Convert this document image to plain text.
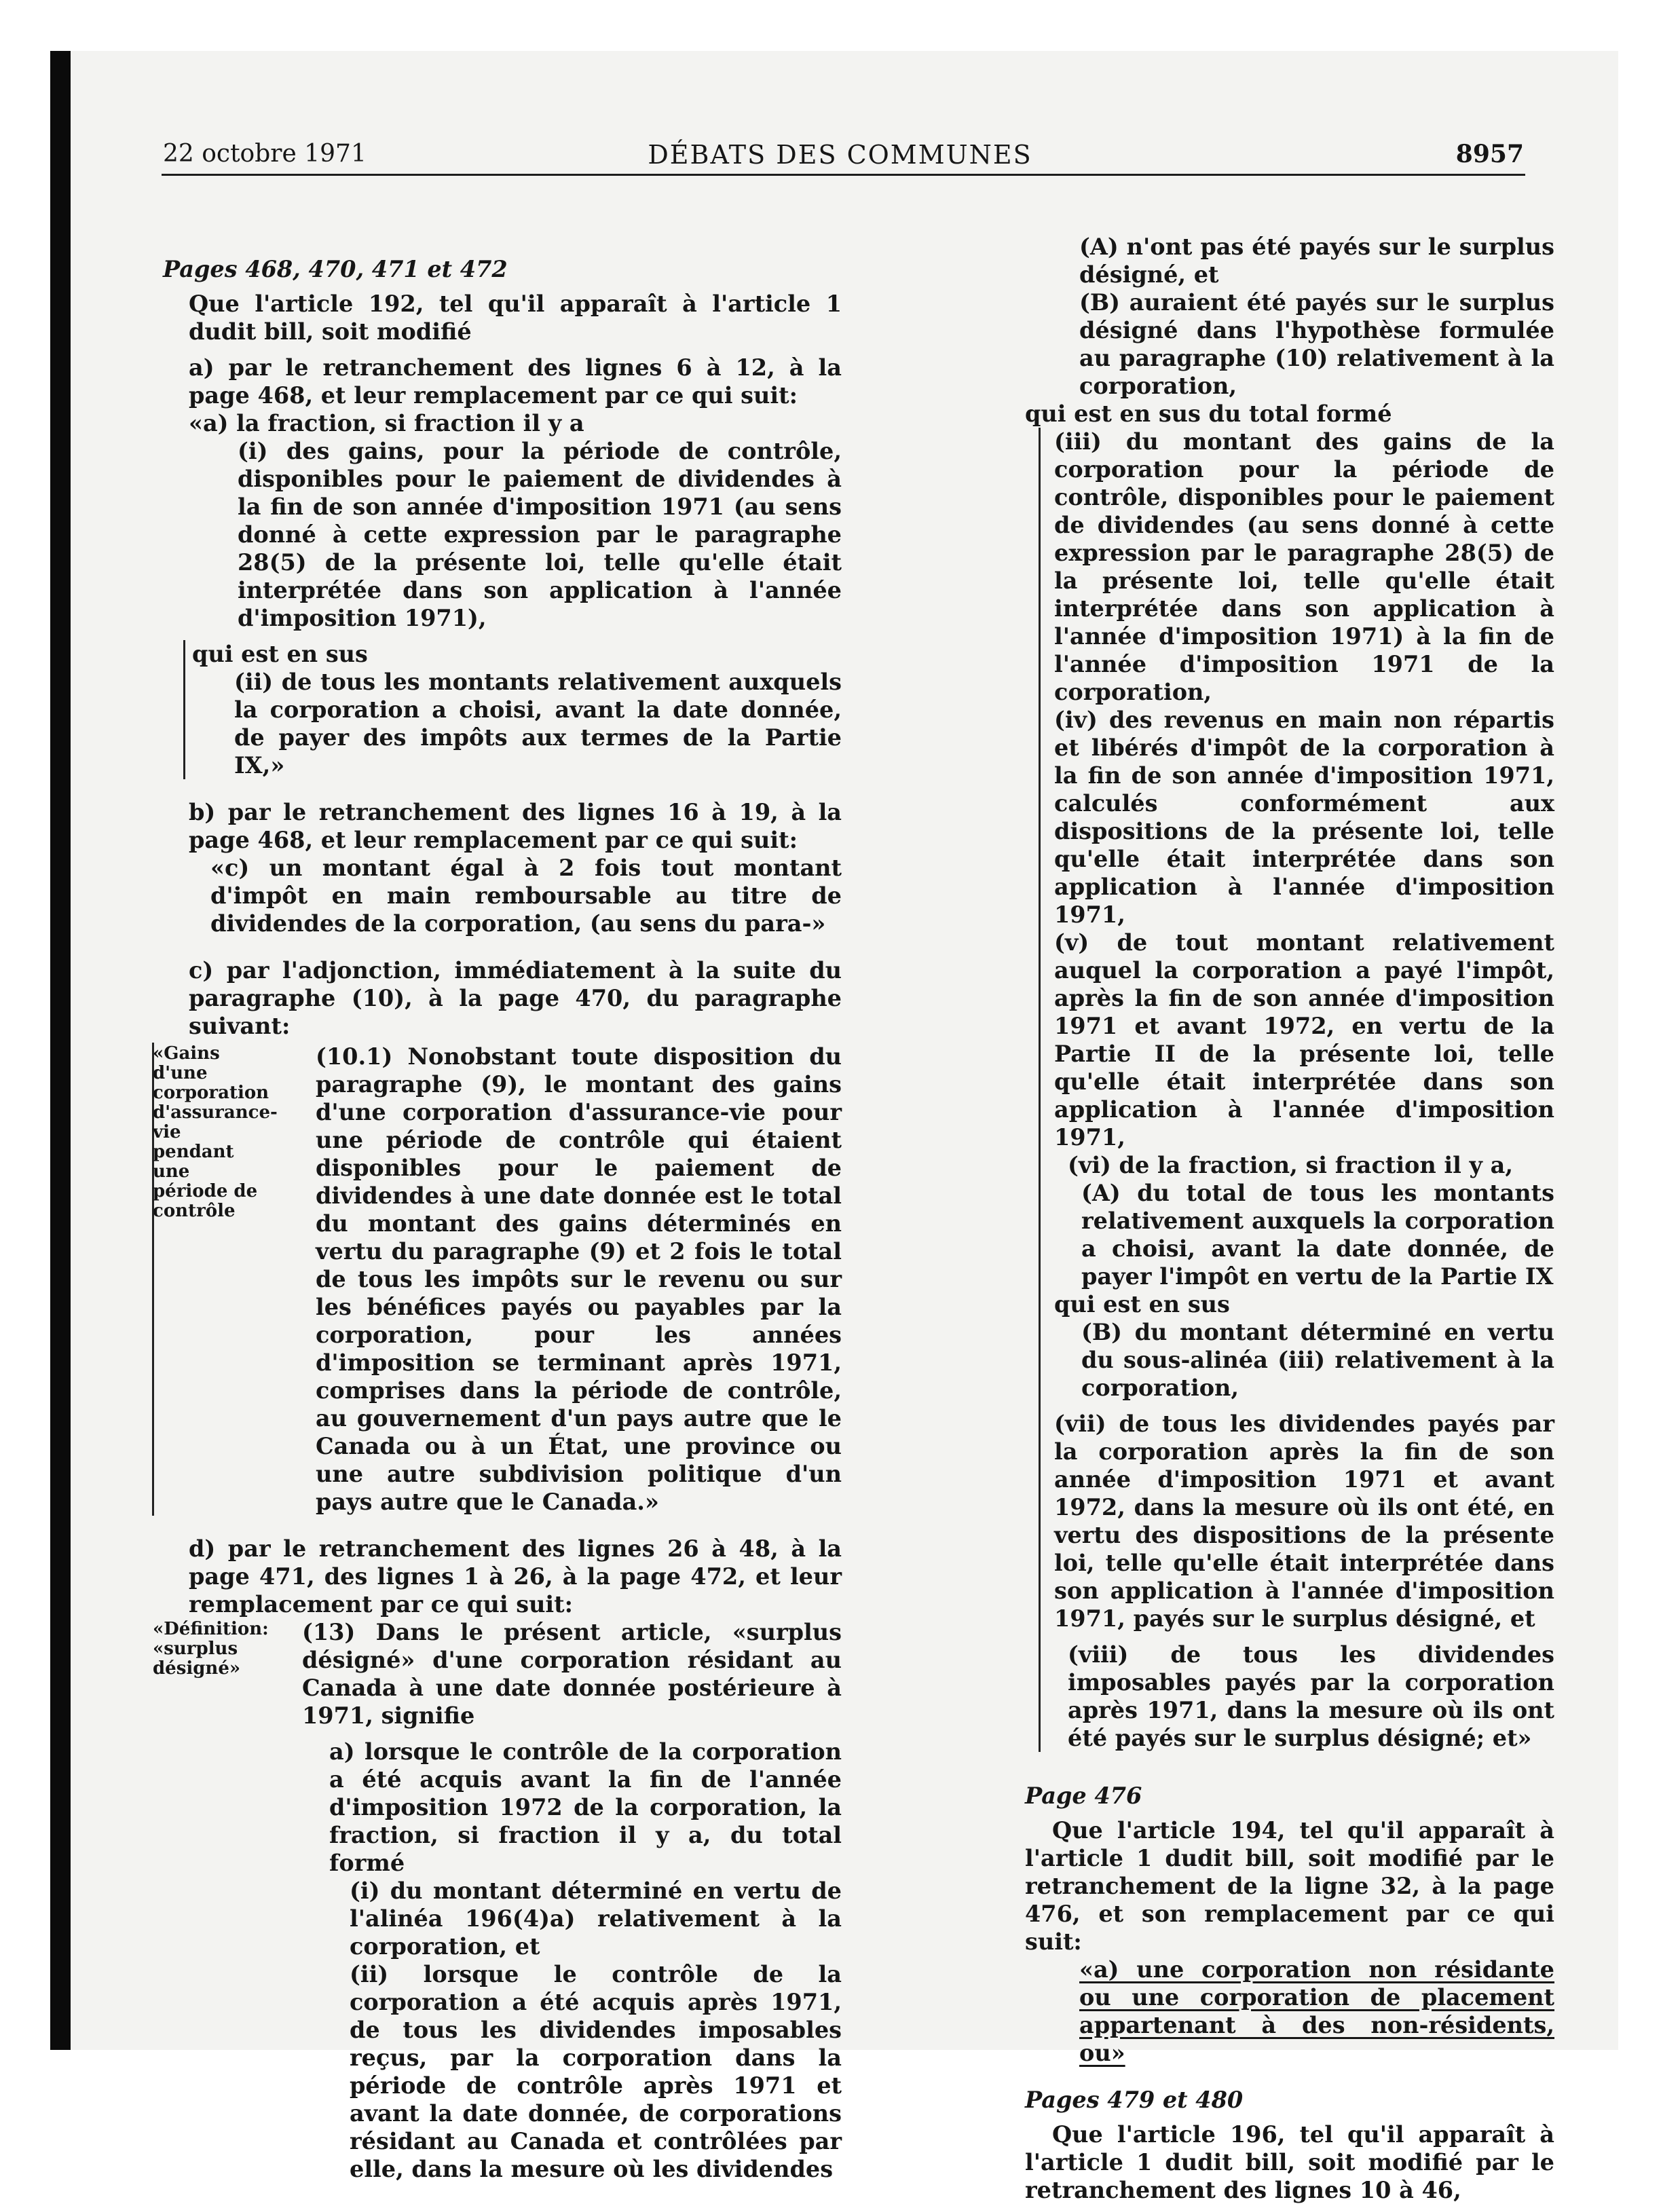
22 octobre 1971	DÉBATS DES COMMUNES	8957

Pages 468, 470, 471 et 472

Que l'article 192, tel qu'il apparaît à l'article 1 dudit bill, soit modifié

a) par le retranchement des lignes 6 à 12, à la page 468, et leur remplacement par ce qui suit:

«a) la fraction, si fraction il y a

(i) des gains, pour la période de contrôle, disponibles pour le paiement de dividendes à la fin de son année d'imposition 1971 (au sens donné à cette expression par le paragraphe 28(5) de la présente loi, telle qu'elle était interprétée dans son application à l'année d'imposition 1971),

qui est en sus

(ii) de tous les montants relativement auxquels la corporation a choisi, avant la date donnée, de payer des impôts aux termes de la Partie IX,»

b) par le retranchement des lignes 16 à 19, à la page 468, et leur remplacement par ce qui suit:

«c) un montant égal à 2 fois tout montant d'impôt en main remboursable au titre de dividendes de la corporation, (au sens du para-»

c) par l'adjonction, immédiatement à la suite du paragraphe (10), à la page 470, du paragraphe suivant:

«Gains d'une corporation d'assurance-vie pendant une période de contrôle

(10.1) Nonobstant toute disposition du paragraphe (9), le montant des gains d'une corporation d'assurance-vie pour une période de contrôle qui étaient disponibles pour le paiement de dividendes à une date donnée est le total du montant des gains déterminés en vertu du paragraphe (9) et 2 fois le total de tous les impôts sur le revenu ou sur les bénéfices payés ou payables par la corporation, pour les années d'imposition se terminant après 1971, comprises dans la période de contrôle, au gouvernement d'un pays autre que le Canada ou à un État, une province ou une autre subdivision politique d'un pays autre que le Canada.»

d) par le retranchement des lignes 26 à 48, à la page 471, des lignes 1 à 26, à la page 472, et leur remplacement par ce qui suit:

«Définition: «surplus désigné»

(13) Dans le présent article, «surplus désigné» d'une corporation résidant au Canada à une date donnée postérieure à 1971, signifie

a) lorsque le contrôle de la corporation a été acquis avant la fin de l'année d'imposition 1972 de la corporation, la fraction, si fraction il y a, du total formé

(i) du montant déterminé en vertu de l'alinéa 196(4)a) relativement à la corporation, et

(ii) lorsque le contrôle de la corporation a été acquis après 1971, de tous les dividendes imposables reçus, par la corporation dans la période de contrôle après 1971 et avant la date donnée, de corporations résidant au Canada et contrôlées par elle, dans la mesure où les dividendes

(A) n'ont pas été payés sur le surplus désigné, et

(B) auraient été payés sur le surplus désigné dans l'hypothèse formulée au paragraphe (10) relativement à la corporation,

qui est en sus du total formé

(iii) du montant des gains de la corporation pour la période de contrôle, disponibles pour le paiement de dividendes (au sens donné à cette expression par le paragraphe 28(5) de la présente loi, telle qu'elle était interprétée dans son application à l'année d'imposition 1971) à la fin de l'année d'imposition 1971 de la corporation,

(iv) des revenus en main non répartis et libérés d'impôt de la corporation à la fin de son année d'imposition 1971, calculés conformément aux dispositions de la présente loi, telle qu'elle était interprétée dans son application à l'année d'imposition 1971,

(v) de tout montant relativement auquel la corporation a payé l'impôt, après la fin de son année d'imposition 1971 et avant 1972, en vertu de la Partie II de la présente loi, telle qu'elle était interprétée dans son application à l'année d'imposition 1971,

(vi) de la fraction, si fraction il y a,

(A) du total de tous les montants relativement auxquels la corporation a choisi, avant la date donnée, de payer l'impôt en vertu de la Partie IX

qui est en sus

(B) du montant déterminé en vertu du sous-alinéa (iii) relativement à la corporation,

(vii) de tous les dividendes payés par la corporation après la fin de son année d'imposition 1971 et avant 1972, dans la mesure où ils ont été, en vertu des dispositions de la présente loi, telle qu'elle était interprétée dans son application à l'année d'imposition 1971, payés sur le surplus désigné, et

(viii) de tous les dividendes imposables payés par la corporation après 1971, dans la mesure où ils ont été payés sur le surplus désigné; et»

Page 476

Que l'article 194, tel qu'il apparaît à l'article 1 dudit bill, soit modifié par le retranchement de la ligne 32, à la page 476, et son remplacement par ce qui suit:

«a) une corporation non résidante ou une corporation de placement appartenant à des non-résidents, ou»

Pages 479 et 480

Que l'article 196, tel qu'il apparaît à l'article 1 dudit bill, soit modifié par le retranchement des lignes 10 à 46,
